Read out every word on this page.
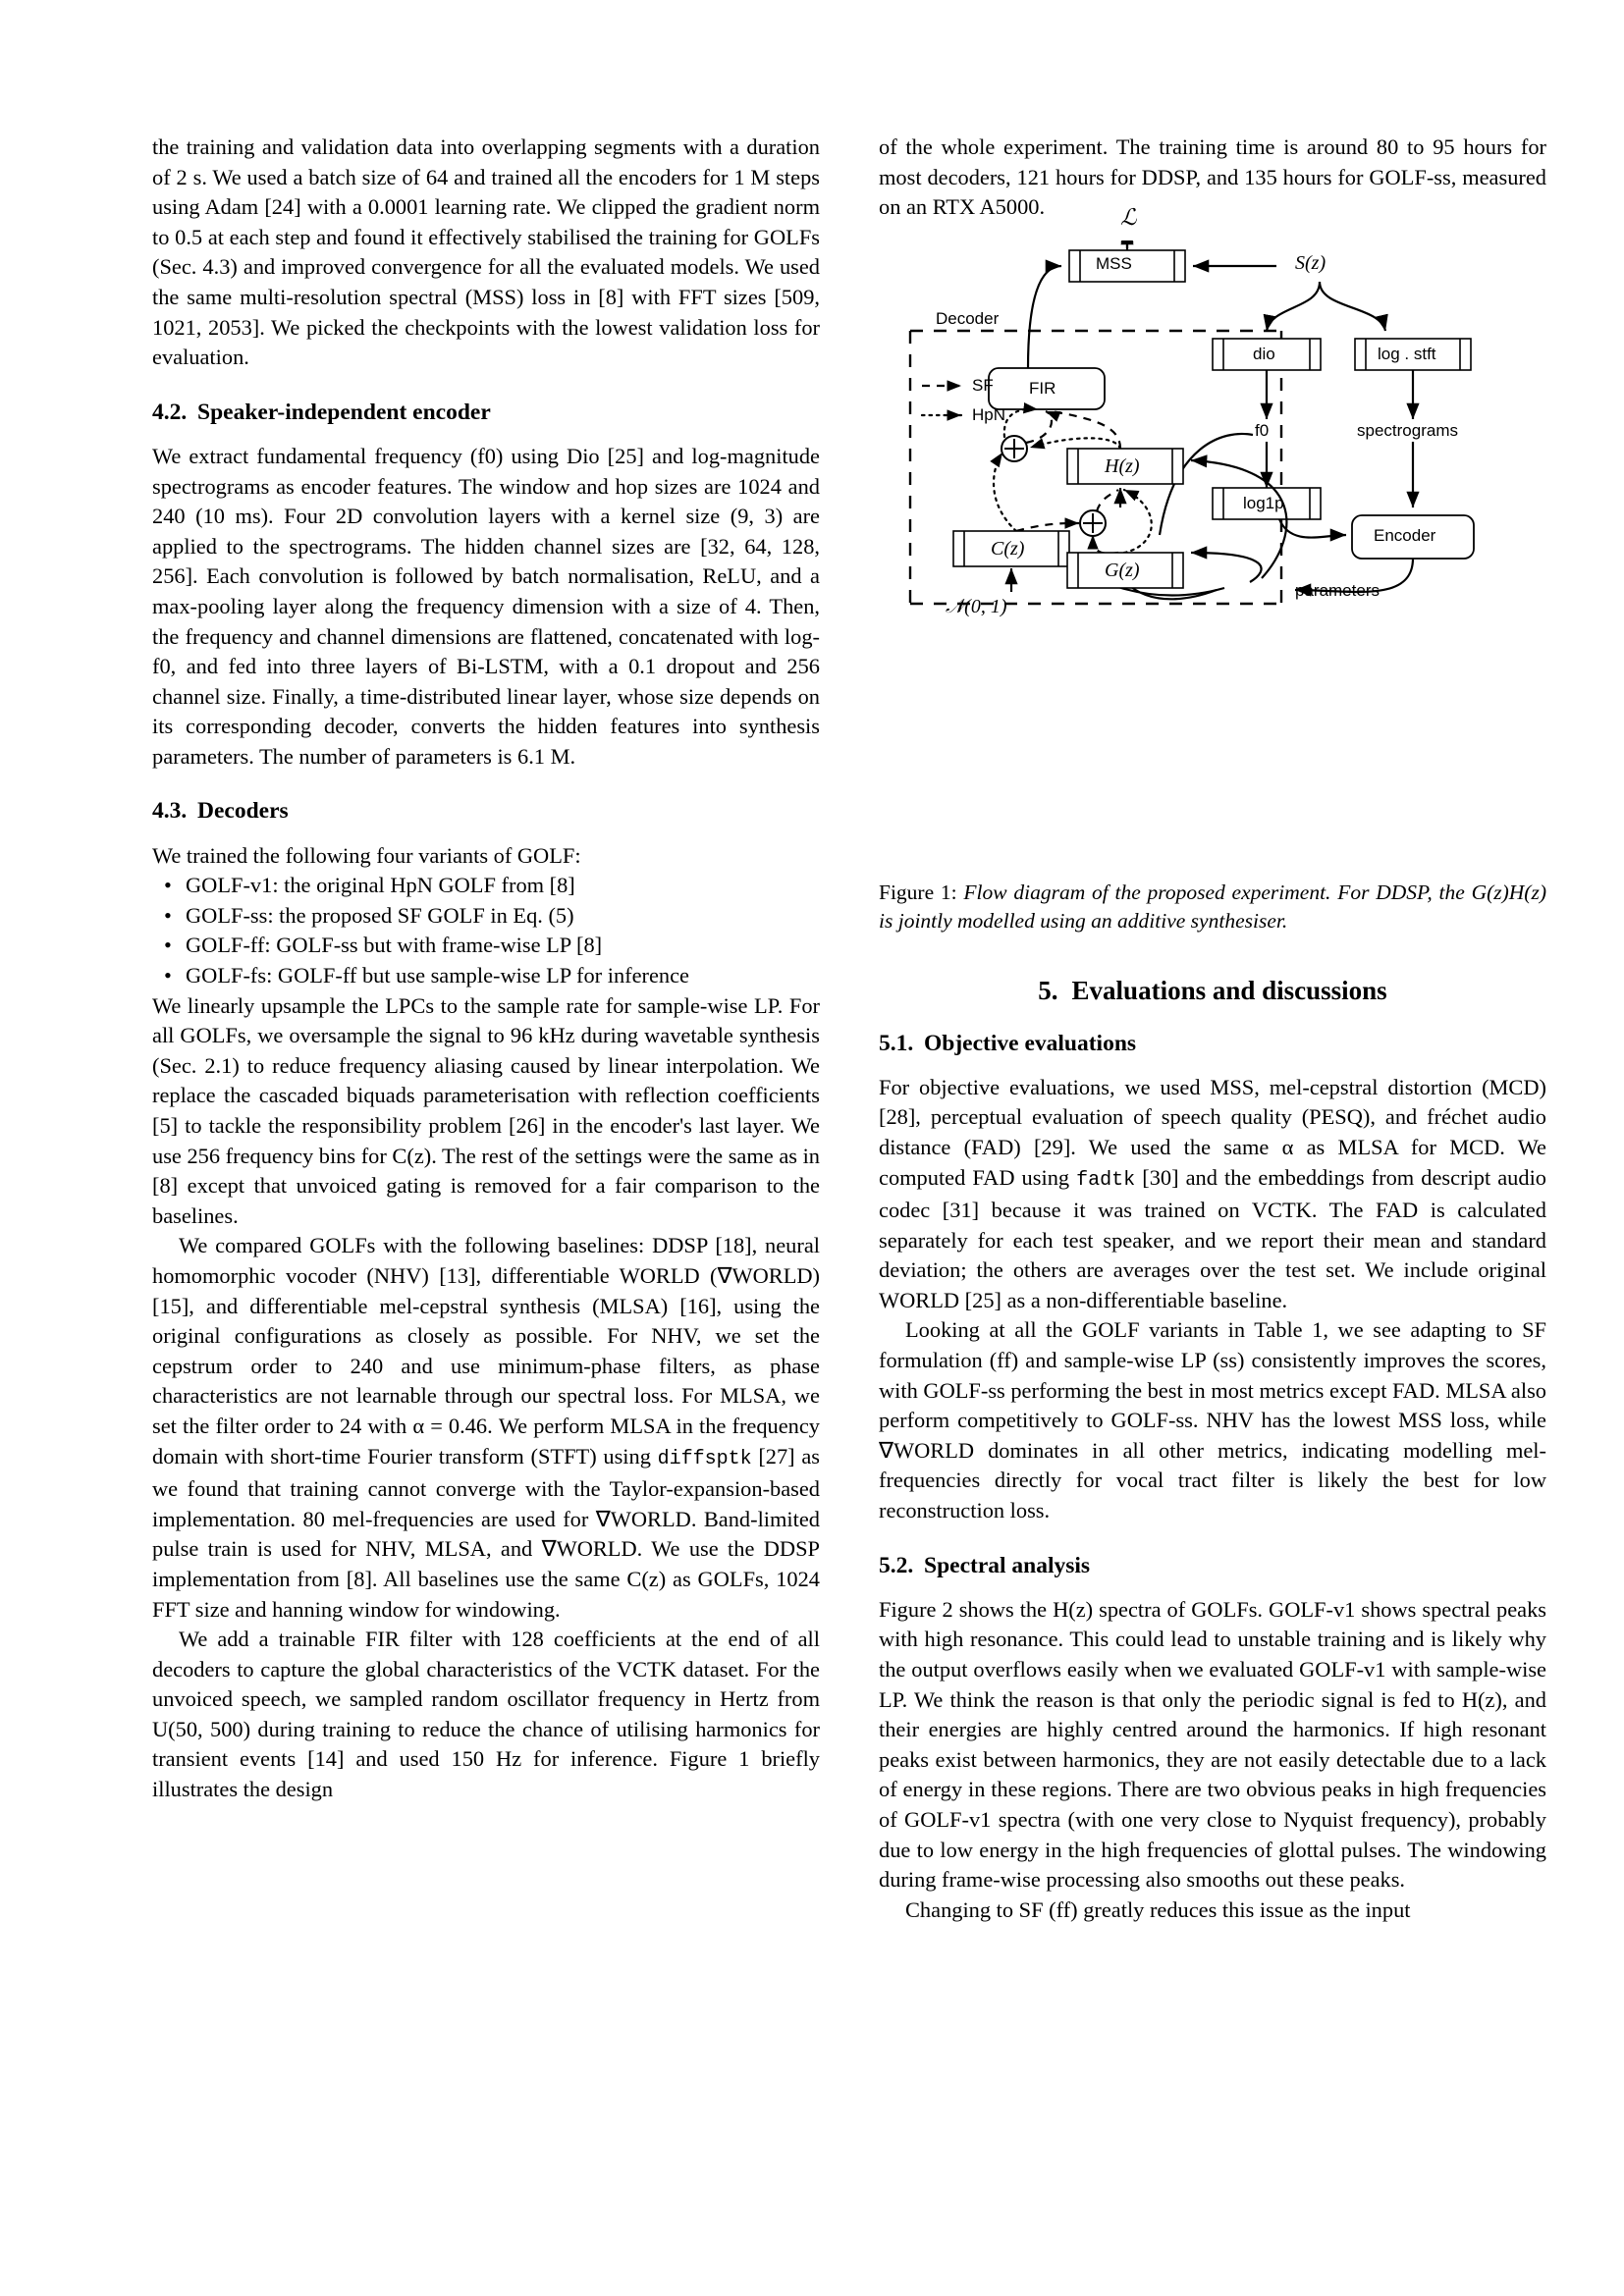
the training and validation data into overlapping segments with a duration of 2 s. We used a batch size of 64 and trained all the encoders for 1 M steps using Adam [24] with a 0.0001 learning rate. We clipped the gradient norm to 0.5 at each step and found it effectively stabilised the training for GOLFs (Sec. 4.3) and improved convergence for all the evaluated models. We used the same multi-resolution spectral (MSS) loss in [8] with FFT sizes [509, 1021, 2053]. We picked the checkpoints with the lowest validation loss for evaluation.

4.2. Speaker-independent encoder

We extract fundamental frequency (f0) using Dio [25] and log-magnitude spectrograms as encoder features. The window and hop sizes are 1024 and 240 (10 ms). Four 2D convolution layers with a kernel size (9, 3) are applied to the spectrograms. The hidden channel sizes are [32, 64, 128, 256]. Each convolution is followed by batch normalisation, ReLU, and a max-pooling layer along the frequency dimension with a size of 4. Then, the frequency and channel dimensions are flattened, concatenated with log-f0, and fed into three layers of Bi-LSTM, with a 0.1 dropout and 256 channel size. Finally, a time-distributed linear layer, whose size depends on its corresponding decoder, converts the hidden features into synthesis parameters. The number of parameters is 6.1 M.

4.3. Decoders

We trained the following four variants of GOLF:

• GOLF-v1: the original HpN GOLF from [8]
• GOLF-ss: the proposed SF GOLF in Eq. (5)
• GOLF-ff: GOLF-ss but with frame-wise LP [8]
• GOLF-fs: GOLF-ff but use sample-wise LP for inference

We linearly upsample the LPCs to the sample rate for sample-wise LP. For all GOLFs, we oversample the signal to 96 kHz during wavetable synthesis (Sec. 2.1) to reduce frequency aliasing caused by linear interpolation. We replace the cascaded biquads parameterisation with reflection coefficients [5] to tackle the responsibility problem [26] in the encoder's last layer. We use 256 frequency bins for C(z). The rest of the settings were the same as in [8] except that unvoiced gating is removed for a fair comparison to the baselines.

We compared GOLFs with the following baselines: DDSP [18], neural homomorphic vocoder (NHV) [13], differentiable WORLD (∇WORLD) [15], and differentiable mel-cepstral synthesis (MLSA) [16], using the original configurations as closely as possible. For NHV, we set the cepstrum order to 240 and use minimum-phase filters, as phase characteristics are not learnable through our spectral loss. For MLSA, we set the filter order to 24 with α = 0.46. We perform MLSA in the frequency domain with short-time Fourier transform (STFT) using diffsptk [27] as we found that training cannot converge with the Taylor-expansion-based implementation. 80 mel-frequencies are used for ∇WORLD. Band-limited pulse train is used for NHV, MLSA, and ∇WORLD. We use the DDSP implementation from [8]. All baselines use the same C(z) as GOLFs, 1024 FFT size and hanning window for windowing.

We add a trainable FIR filter with 128 coefficients at the end of all decoders to capture the global characteristics of the VCTK dataset. For the unvoiced speech, we sampled random oscillator frequency in Hertz from U(50, 500) during training to reduce the chance of utilising harmonics for transient events [14] and used 150 Hz for inference. Figure 1 briefly illustrates the design

of the whole experiment. The training time is around 80 to 95 hours for most decoders, 121 hours for DDSP, and 135 hours for GOLF-ss, measured on an RTX A5000.	ℒ
MSS	S(z)
Decoder
SF
HpN
FIR
dio	log . stft
f0	spectrograms
H(z)
log1p
C(z)
G(z)
Encoder
𝒩(0, 1)
parameters
Figure 1: Flow diagram of the proposed experiment. For DDSP, the G(z)H(z) is jointly modelled using an additive synthesiser.
5. Evaluations and discussions
5.1. Objective evaluations

For objective evaluations, we used MSS, mel-cepstral distortion (MCD) [28], perceptual evaluation of speech quality (PESQ), and fréchet audio distance (FAD) [29]. We used the same α as MLSA for MCD. We computed FAD using fadtk [30] and the embeddings from descript audio codec [31] because it was trained on VCTK. The FAD is calculated separately for each test speaker, and we report their mean and standard deviation; the others are averages over the test set. We include original WORLD [25] as a non-differentiable baseline.

Looking at all the GOLF variants in Table 1, we see adapting to SF formulation (ff) and sample-wise LP (ss) consistently improves the scores, with GOLF-ss performing the best in most metrics except FAD. MLSA also perform competitively to GOLF-ss. NHV has the lowest MSS loss, while ∇WORLD dominates in all other metrics, indicating modelling mel-frequencies directly for vocal tract filter is likely the best for low reconstruction loss.

5.2. Spectral analysis

Figure 2 shows the H(z) spectra of GOLFs. GOLF-v1 shows spectral peaks with high resonance. This could lead to unstable training and is likely why the output overflows easily when we evaluated GOLF-v1 with sample-wise LP. We think the reason is that only the periodic signal is fed to H(z), and their energies are highly centred around the harmonics. If high resonant peaks exist between harmonics, they are not easily detectable due to a lack of energy in these regions. There are two obvious peaks in high frequencies of GOLF-v1 spectra (with one very close to Nyquist frequency), probably due to low energy in the high frequencies of glottal pulses. The windowing during frame-wise processing also smooths out these peaks.

Changing to SF (ff) greatly reduces this issue as the input
